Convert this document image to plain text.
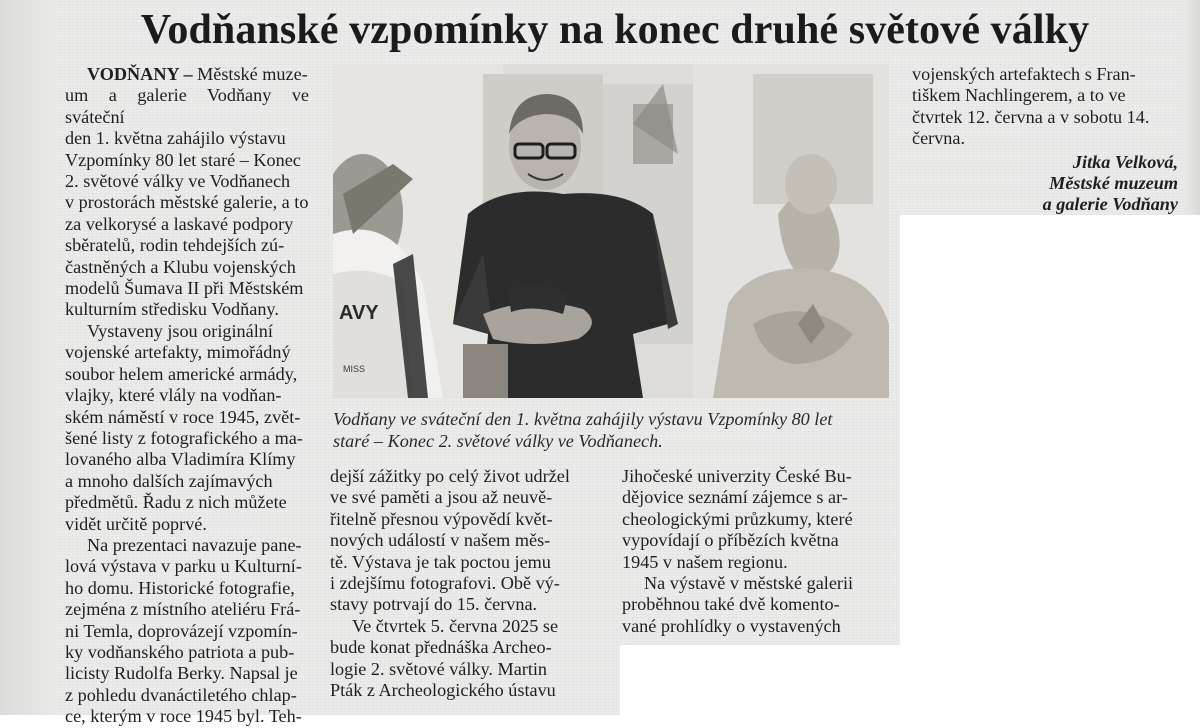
Vodňanské vzpomínky na konec druhé světové války

VODŇANY – Městské muze-
um a galerie Vodňany ve sváteční
den 1. května zahájilo výstavu
Vzpomínky 80 let staré – Konec
2. světové války ve Vodňanech
v prostorách městské galerie, a to
za velkorysé a laskavé podpory
sběratelů, rodin tehdejších zú-
častněných a Klubu vojenských
modelů Šumava II při Městském
kulturním středisku Vodňany.

Vystaveny jsou originální
vojenské artefakty, mimořádný
soubor helem americké armády,
vlajky, které vlály na vodňan-
ském náměstí v roce 1945, zvět-
šené listy z fotografického a ma-
lovaného alba Vladimíra Klímy
a mnoho dalších zajímavých
předmětů. Řadu z nich můžete
vidět určitě poprvé.

Na prezentaci navazuje pane-
lová výstava v parku u Kulturní-
ho domu. Historické fotografie,
zejména z místního ateliéru Frá-
ni Temla, doprovázejí vzpomín-
ky vodňanského patriota a pub-
licisty Rudolfa Berky. Napsal je
z pohledu dvanáctiletého chlap-
ce, kterým v roce 1945 byl. Teh-

AVY
MISS
Vodňany ve sváteční den 1. května zahájily výstavu Vzpomínky 80 let
staré – Konec 2. světové války ve Vodňanech.

dejší zážitky po celý život udržel
ve své paměti a jsou až neuvě-
řitelně přesnou výpovědí květ-
nových událostí v našem měs-
tě. Výstava je tak poctou jemu
i zdejšímu fotografovi. Obě vý-
stavy potrvají do 15. června.

Ve čtvrtek 5. června 2025 se
bude konat přednáška Archeo-
logie 2. světové války. Martin
Pták z Archeologického ústavu

Jihočeské univerzity České Bu-
dějovice seznámí zájemce s ar-
cheologickými průzkumy, které
vypovídají o příbězích května
1945 v našem regionu.

Na výstavě v městské galerii
proběhnou také dvě komento-
vané prohlídky o vystavených

vojenských artefaktech s Fran-
tiškem Nachlingerem, a to ve
čtvrtek 12. června a v sobotu 14.
června.

Jitka Velková,
Městské muzeum
a galerie Vodňany
